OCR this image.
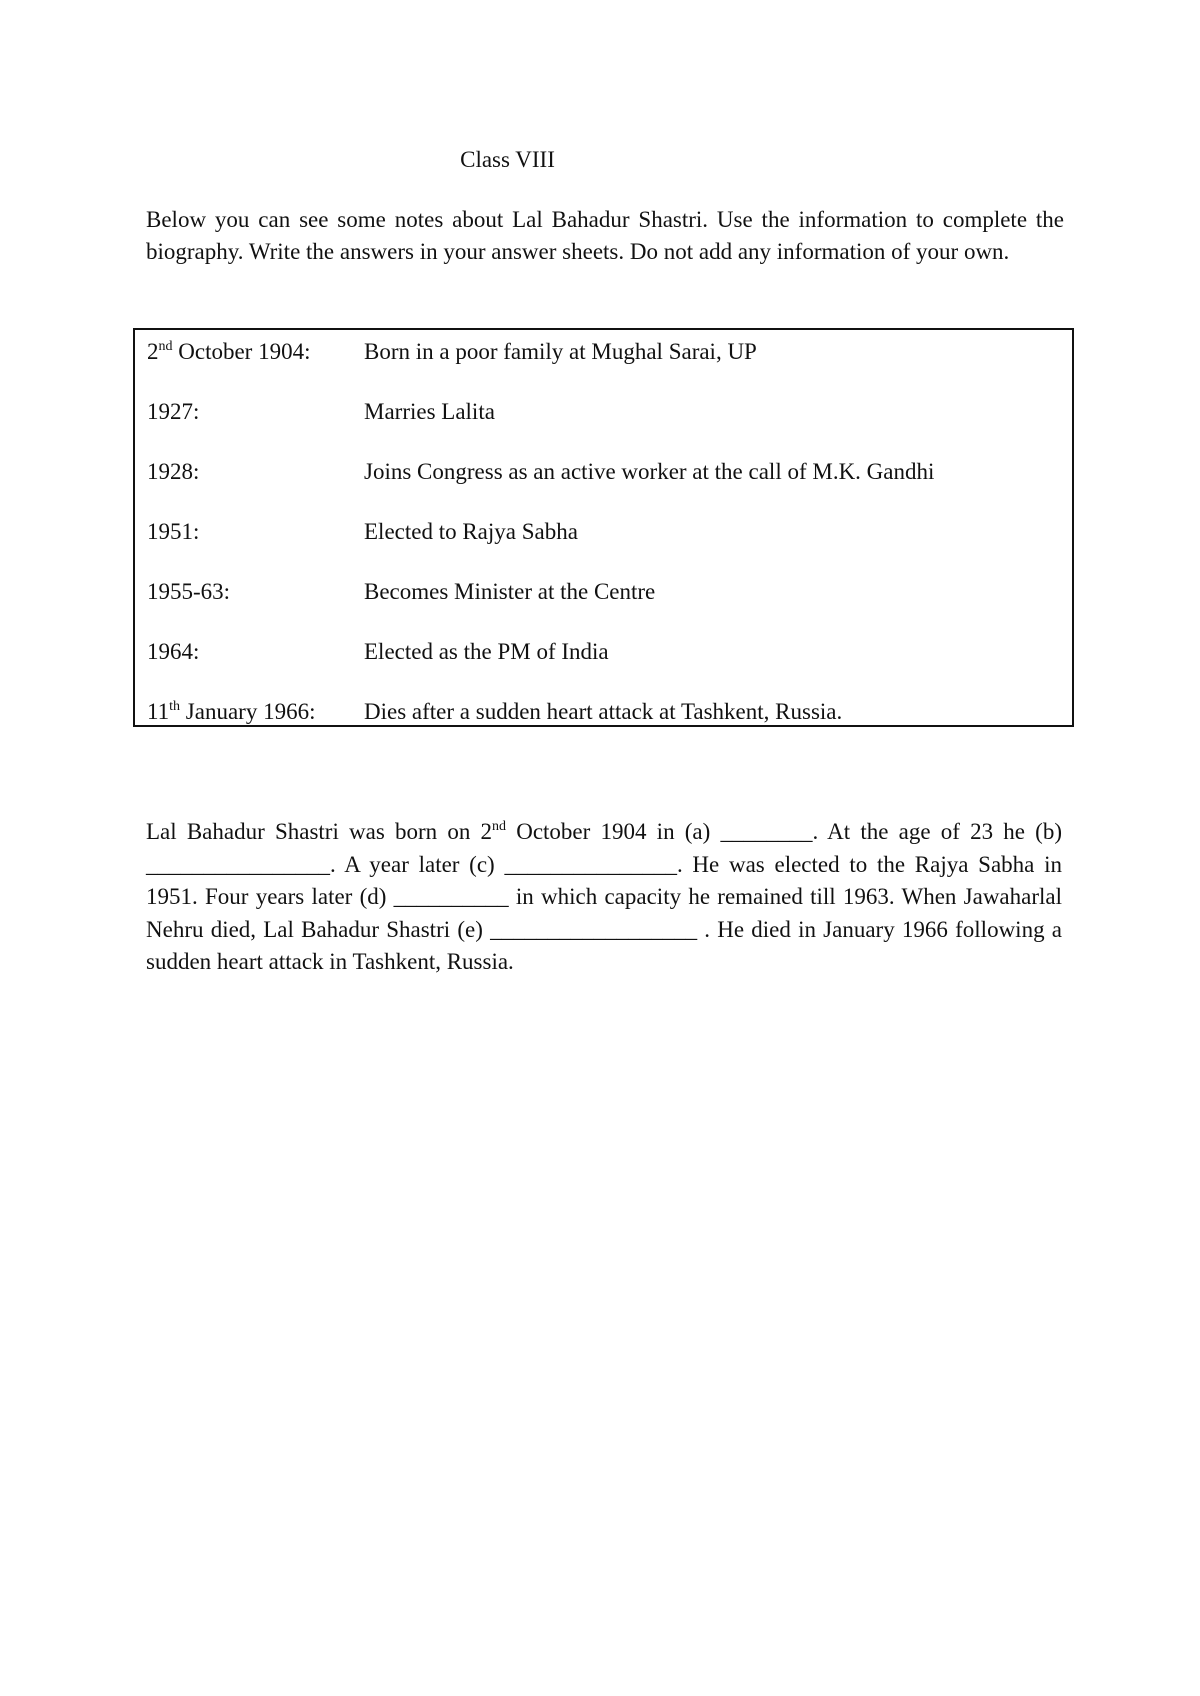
Class VIII
Below you can see some notes about Lal Bahadur Shastri. Use the information to complete the biography. Write the answers in your answer sheets. Do not add any information of your own.
2nd October 1904: Born in a poor family at Mughal Sarai, UP
1927:	Marries Lalita
1928:	Joins Congress as an active worker at the call of M.K. Gandhi
1951:	Elected to Rajya Sabha
1955-63:	Becomes Minister at the Centre
1964:	Elected as the PM of India
11th January 1966: Dies after a sudden heart attack at Tashkent, Russia.
Lal Bahadur Shastri was born on 2nd October 1904 in (a) ________. At the age of 23 he (b) ________________. A year later (c) _______________. He was elected to the Rajya Sabha in 1951. Four years later (d) __________ in which capacity he remained till 1963. When Jawaharlal Nehru died, Lal Bahadur Shastri (e) __________________ . He died in January 1966 following a sudden heart attack in Tashkent, Russia.
